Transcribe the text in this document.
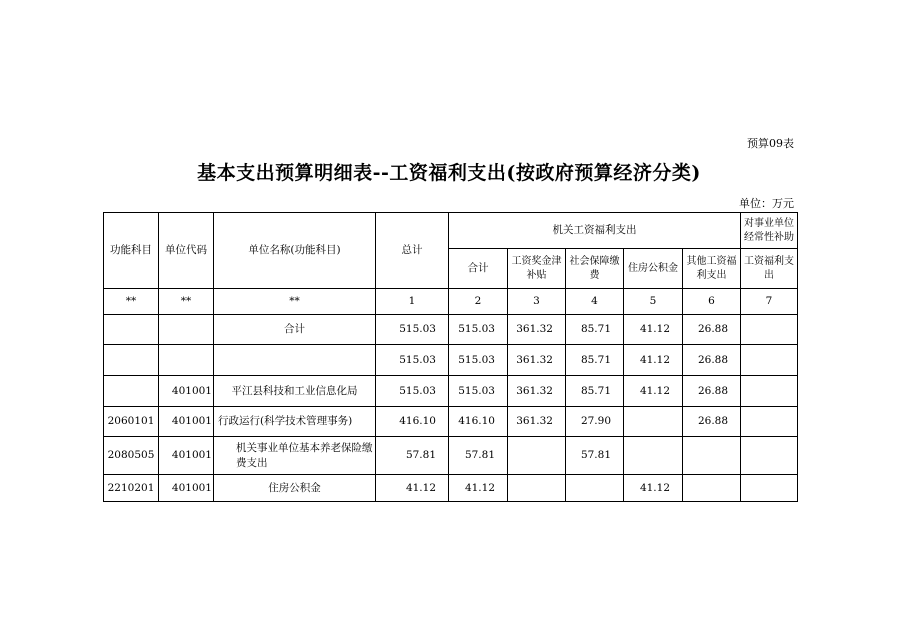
预算09表
基本支出预算明细表--工资福利支出(按政府预算经济分类)
单位：万元
功能科目	单位代码	单位名称(功能科目)	总计	机关工资福利支出					对事业单位经常性补助
				合计	工资奖金津补贴	社会保障缴费	住房公积金	其他工资福利支出	工资福利支出
**	**	**	1	2	3	4	5	6	7
		合计	515.03	515.03	361.32	85.71	41.12	26.88	
			515.03	515.03	361.32	85.71	41.12	26.88	
	401001	平江县科技和工业信息化局	515.03	515.03	361.32	85.71	41.12	26.88	
2060101	401001	行政运行(科学技术管理事务)	416.10	416.10	361.32	27.90		26.88	
2080505	401001	机关事业单位基本养老保险缴费支出	57.81	57.81		57.81			
2210201	401001	住房公积金	41.12	41.12			41.12		
